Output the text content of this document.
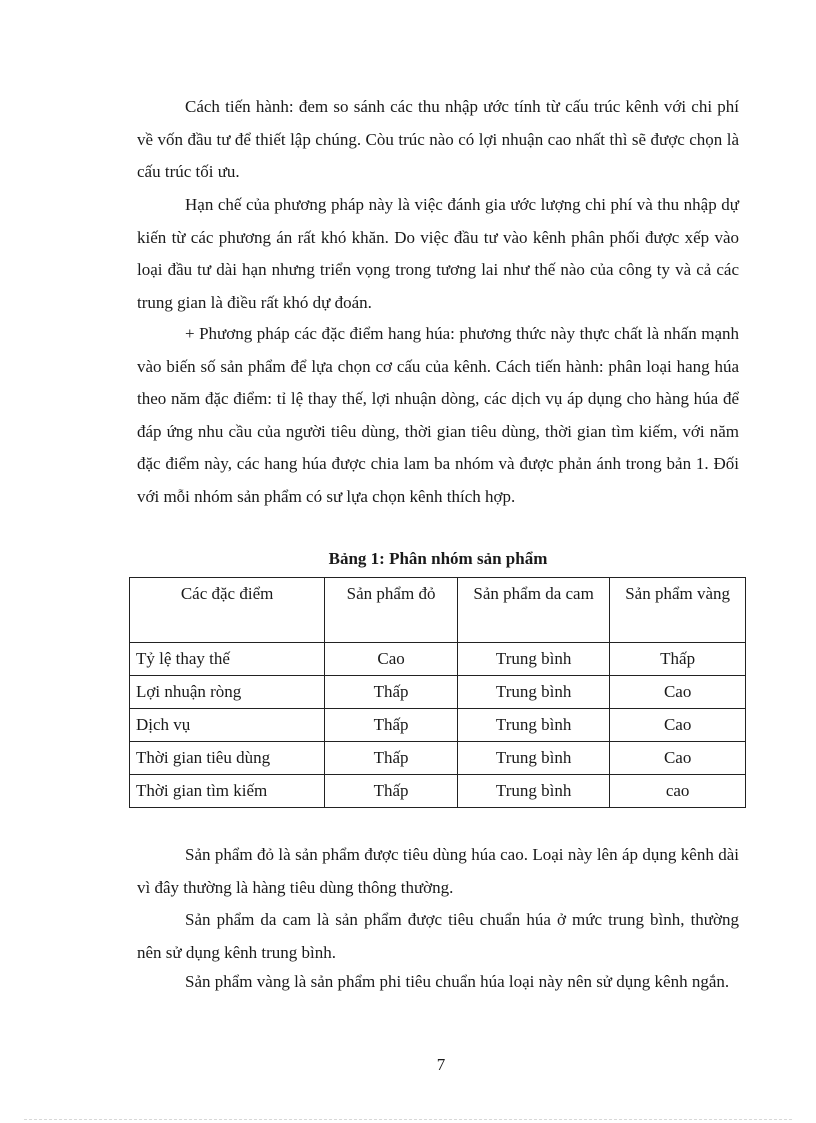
Cách tiến hành: đem so sánh các thu nhập ước tính từ cấu trúc kênh với chi phí về vốn đầu tư để thiết lập chúng. Còu trúc nào có lợi nhuận cao nhất thì sẽ được chọn là cấu trúc tối ưu.

Hạn chế của phương pháp này là việc đánh gia ước lượng chi phí và thu nhập dự kiến từ các phương án rất khó khăn. Do việc đầu tư vào kênh phân phối được xếp vào loại đầu tư dài hạn nhưng triển vọng trong tương lai như thế nào của công ty và cả các trung gian là điều rất khó dự đoán.

+ Phương pháp các đặc điểm hang húa: phương thức này thực chất là nhấn mạnh vào biến số sản phẩm để lựa chọn cơ cấu của kênh. Cách tiến hành: phân loại hang húa theo năm đặc điểm: tỉ lệ thay thế, lợi nhuận dòng, các dịch vụ áp dụng cho hàng húa để đáp ứng nhu cầu của người tiêu dùng, thời gian tiêu dùng, thời gian tìm kiếm, với năm đặc điểm này, các hang húa được chia lam ba nhóm và được phản ánh trong bản 1. Đối với mỗi nhóm sản phẩm có sư lựa chọn kênh thích hợp.

Bảng 1: Phân nhóm sản phẩm

Các đặc điểm	Sản phẩm đỏ	Sản phẩm da cam	Sản phẩm vàng
Tỷ lệ thay thế	Cao	Trung bình	Thấp
Lợi nhuận ròng	Thấp	Trung bình	Cao
Dịch vụ	Thấp	Trung bình	Cao
Thời gian tiêu dùng	Thấp	Trung bình	Cao
Thời gian tìm kiếm	Thấp	Trung bình	cao

Sản phẩm đỏ là sản phẩm được tiêu dùng húa cao. Loại này lên áp dụng kênh dài vì đây thường là hàng tiêu dùng thông thường.

Sản phẩm da cam là sản phẩm được tiêu chuẩn húa ở mức trung bình, thường nên sử dụng kênh trung bình.

Sản phẩm vàng là sản phẩm phi tiêu chuẩn húa loại này nên sử dụng kênh ngắn.

7
